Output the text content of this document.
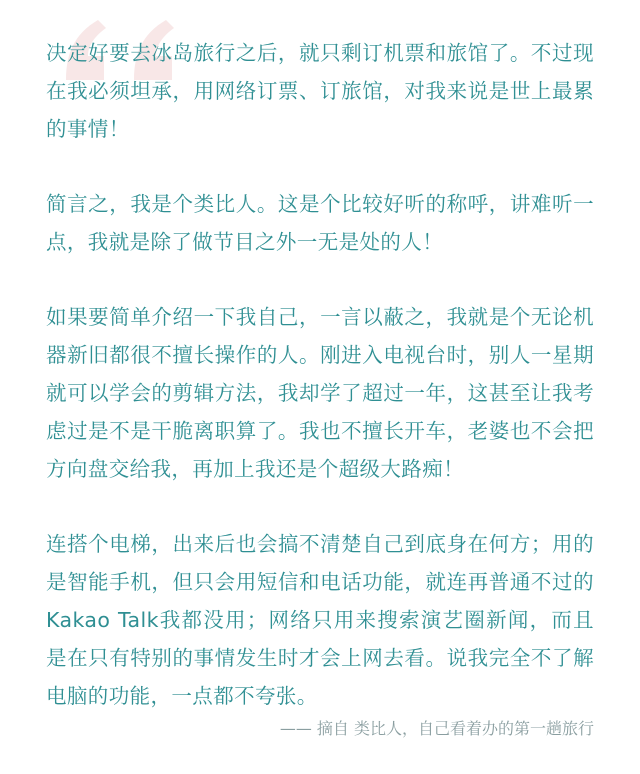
决定好要去冰岛旅行之后，就只剩订机票和旅馆了。不过现在我必须坦承，用网络订票、订旅馆，对我来说是世上最累的事情！

简言之，我是个类比人。这是个比较好听的称呼，讲难听一点，我就是除了做节目之外一无是处的人！

如果要简单介绍一下我自己，一言以蔽之，我就是个无论机器新旧都很不擅长操作的人。刚进入电视台时，别人一星期就可以学会的剪辑方法，我却学了超过一年，这甚至让我考虑过是不是干脆离职算了。我也不擅长开车，老婆也不会把方向盘交给我，再加上我还是个超级大路痴！

连搭个电梯，出来后也会搞不清楚自己到底身在何方；用的是智能手机，但只会用短信和电话功能，就连再普通不过的Kakao Talk我都没用；网络只用来搜索演艺圈新闻，而且是在只有特别的事情发生时才会上网去看。说我完全不了解电脑的功能，一点都不夸张。

—— 摘自 类比人，自己看着办的第一趟旅行
